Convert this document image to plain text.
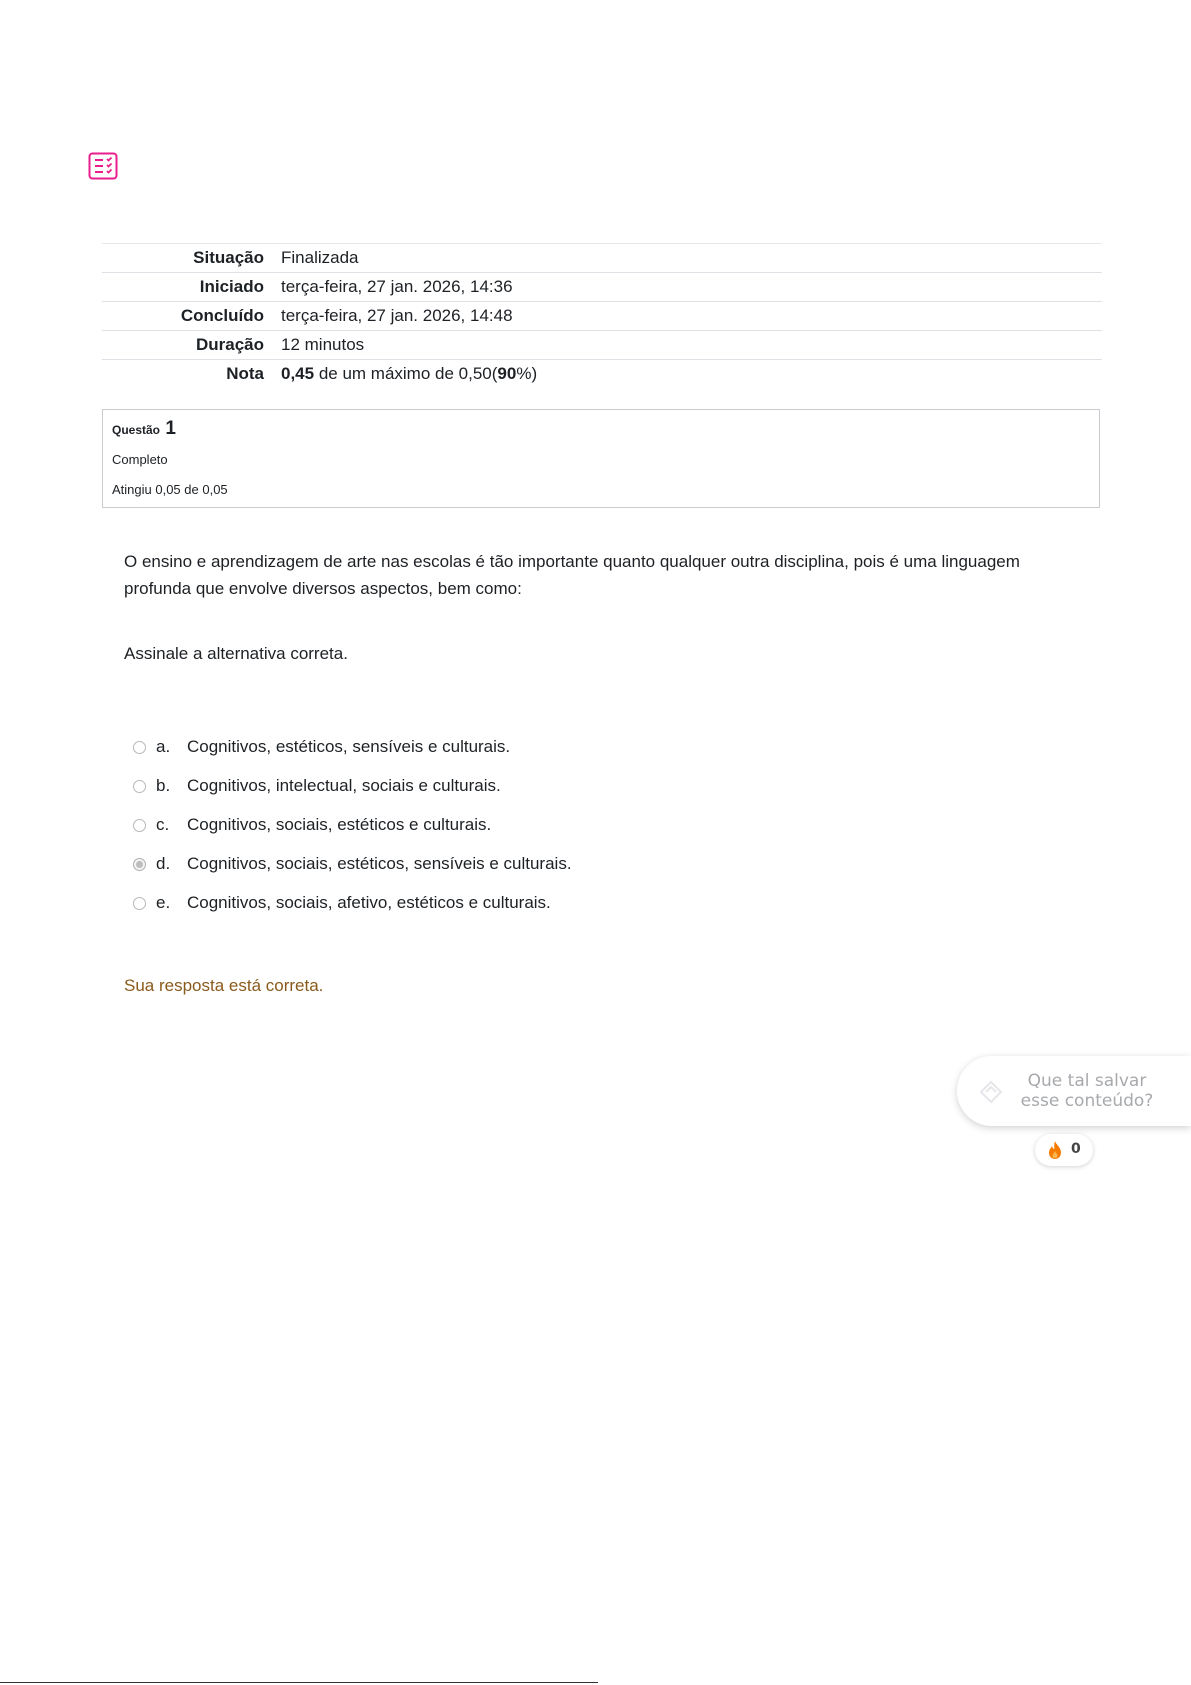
Situação	Finalizada
Iniciado	terça-feira, 27 jan. 2026, 14:36
Concluído	terça-feira, 27 jan. 2026, 14:48
Duração	12 minutos
Nota	0,45 de um máximo de 0,50(90%)
Questão 1
Completo
Atingiu 0,05 de 0,05
O ensino e aprendizagem de arte nas escolas é tão importante quanto qualquer outra disciplina, pois é uma linguagem profunda que envolve diversos aspectos, bem como:
Assinale a alternativa correta.
a. Cognitivos, estéticos, sensíveis e culturais.
b. Cognitivos, intelectual, sociais e culturais.
c.	Cognitivos, sociais, estéticos e culturais.
d. Cognitivos, sociais, estéticos, sensíveis e culturais.
e. Cognitivos, sociais, afetivo, estéticos e culturais.
Sua resposta está correta.
Que tal salvar
esse conteúdo?
0
